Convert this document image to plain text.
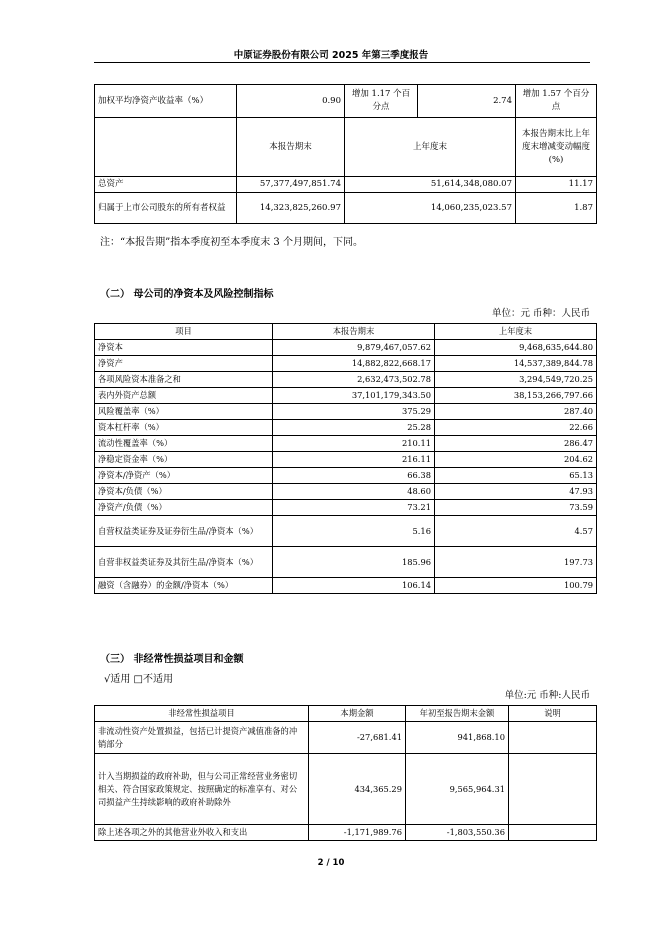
中原证券股份有限公司 2025 年第三季度报告
加权平均净资产收益率（%）	0.90	增加 1.17 个百分点	2.74	增加 1.57 个百分点
	本报告期末	上年度末		本报告期末比上年度末增减变动幅度(%)
总资产	57,377,497,851.74	51,614,348,080.07		11.17
归属于上市公司股东的所有者权益	14,323,825,260.97	14,060,235,023.57		1.87
注：“本报告期”指本季度初至本季度末 3 个月期间，下同。
（二） 母公司的净资本及风险控制指标
单位：元 币种：人民币
项目	本报告期末	上年度末
净资本	9,879,467,057.62	9,468,635,644.80
净资产	14,882,822,668.17	14,537,389,844.78
各项风险资本准备之和	2,632,473,502.78	3,294,549,720.25
表内外资产总额	37,101,179,343.50	38,153,266,797.66
风险覆盖率（%）	375.29	287.40
资本杠杆率（%）	25.28	22.66
流动性覆盖率（%）	210.11	286.47
净稳定资金率（%）	216.11	204.62
净资本/净资产（%）	66.38	65.13
净资本/负债（%）	48.60	47.93
净资产/负债（%）	73.21	73.59
自营权益类证券及证券衍生品/净资本（%）	5.16	4.57
自营非权益类证券及其衍生品/净资本（%）	185.96	197.73
融资（含融券）的金额/净资本（%）	106.14	100.79
（三） 非经常性损益项目和金额
√适用 □不适用
单位:元 币种:人民币
非经常性损益项目	本期金额	年初至报告期末金额	说明
非流动性资产处置损益，包括已计提资产减值准备的冲销部分	-27,681.41	941,868.10	
计入当期损益的政府补助，但与公司正常经营业务密切相关、符合国家政策规定、按照确定的标准享有、对公司损益产生持续影响的政府补助除外	434,365.29	9,565,964.31	
除上述各项之外的其他营业外收入和支出	-1,171,989.76	-1,803,550.36	
2 / 10
